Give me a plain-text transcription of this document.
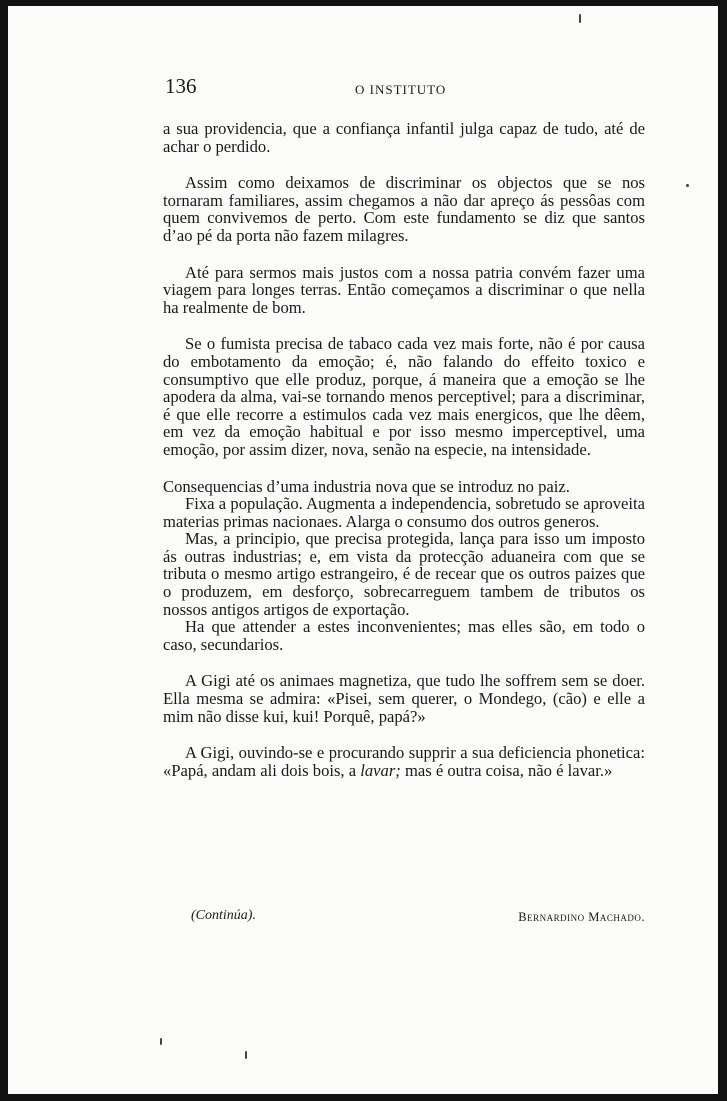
136	O INSTITUTO

a sua providencia, que a confiança infantil julga capaz de tudo, até de achar o perdido.

Assim como deixamos de discriminar os objectos que se nos tornaram familiares, assim chegamos a não dar apreço ás pessôas com quem convivemos de perto. Com este fundamento se diz que santos d’ao pé da porta não fazem milagres.

Até para sermos mais justos com a nossa patria convém fazer uma viagem para longes terras. Então começamos a discriminar o que nella ha realmente de bom.

Se o fumista precisa de tabaco cada vez mais forte, não é por causa do embotamento da emoção; é, não falando do effeito toxico e consumptivo que elle produz, porque, á maneira que a emoção se lhe apodera da alma, vai-se tornando menos perceptivel; para a discriminar, é que elle recorre a estimulos cada vez mais energicos, que lhe dêem, em vez da emoção habitual e por isso mesmo imperceptivel, uma emoção, por assim dizer, nova, senão na especie, na intensidade.

Consequencias d’uma industria nova que se introduz no paiz.

Fixa a população. Augmenta a independencia, sobretudo se aproveita materias primas nacionaes. Alarga o consumo dos outros generos.

Mas, a principio, que precisa protegida, lança para isso um imposto ás outras industrias; e, em vista da protecção aduaneira com que se tributa o mesmo artigo estrangeiro, é de recear que os outros paizes que o produzem, em desforço, sobrecarreguem tambem de tributos os nossos antigos artigos de exportação.

Ha que attender a estes inconvenientes; mas elles são, em todo o caso, secundarios.

A Gigi até os animaes magnetiza, que tudo lhe soffrem sem se doer. Ella mesma se admira: «Pisei, sem querer, o Mondego, (cão) e elle a mim não disse kui, kui! Porquê, papá?»

A Gigi, ouvindo-se e procurando supprir a sua deficiencia phonetica: «Papá, andam ali dois bois, a lavar; mas é outra coisa, não é lavar.»

(Continúa).	Bernardino Machado.
